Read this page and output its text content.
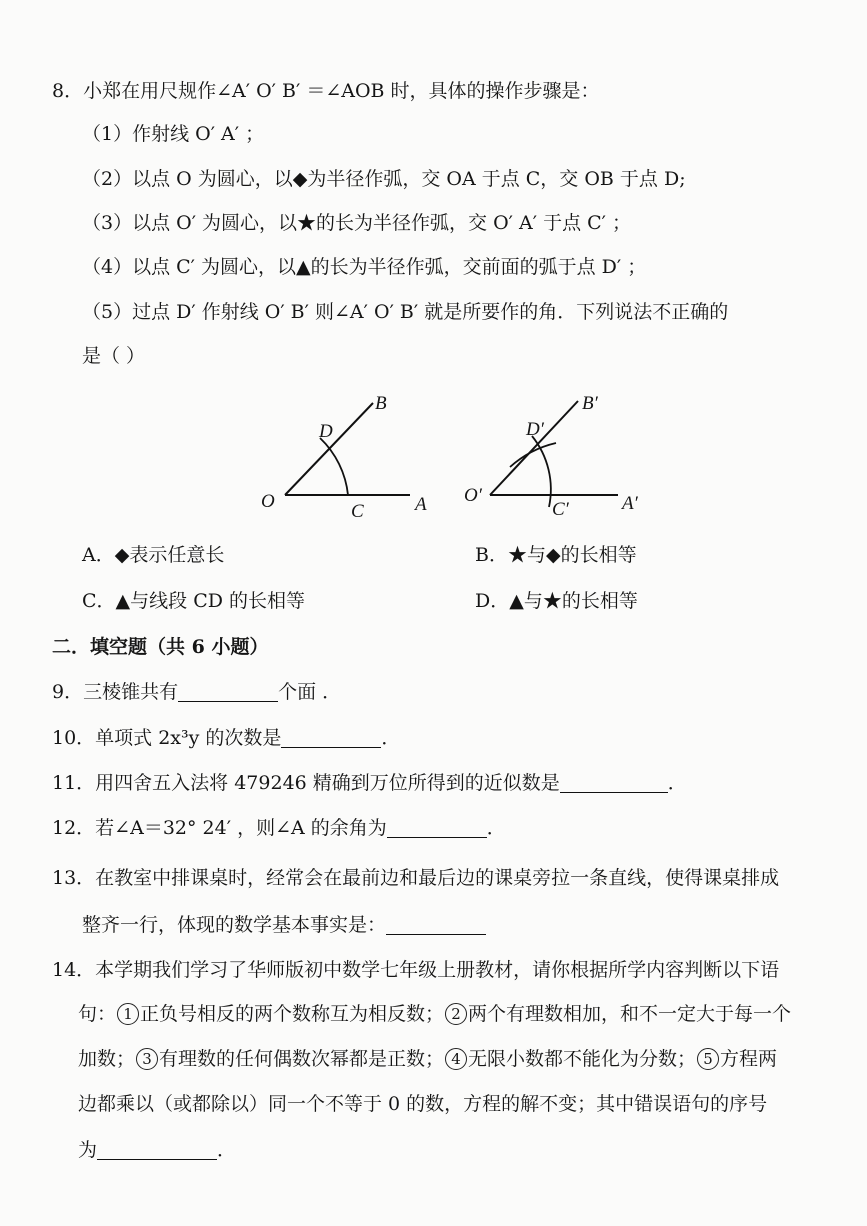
8．小郑在用尺规作∠A′ O′ B′ ＝∠AOB 时，具体的操作步骤是：
（1）作射线 O′ A′ ；
（2）以点 O 为圆心，以◆为半径作弧，交 OA 于点 C，交 OB 于点 D;
（3）以点 O′ 为圆心，以★的长为半径作弧，交 O′ A′ 于点 C′ ；
（4）以点 C′ 为圆心，以▲的长为半径作弧，交前面的弧于点 D′ ；
（5）过点 D′ 作射线 O′ B′ 则∠A′ O′ B′ 就是所要作的角．下列说法不正确的
是（ ）
O	C	A
D
B
O′
C′	A′
D′
B′
A．◆表示任意长	B．★与◆的长相等
C．▲与线段 CD 的长相等	D．▲与★的长相等
二．填空题（共 6 小题）
9．三棱锥共有	个面 ．
10．单项式 2x³y 的次数是	．
11．用四舍五入法将 479246 精确到万位所得到的近似数是	．
12．若∠A＝32° 24′ ，则∠A 的余角为	．
13．在教室中排课桌时，经常会在最前边和最后边的课桌旁拉一条直线，使得课桌排成
整齐一行，体现的数学基本事实是：
14．本学期我们学习了华师版初中数学七年级上册教材，请你根据所学内容判断以下语
句： 1 正负号相反的两个数称互为相反数； 2 两个有理数相加，和不一定大于每一个
加数； 3 有理数的任何偶数次幂都是正数； 4 无限小数都不能化为分数； 5 方程两
边都乘以（或都除以）同一个不等于 0 的数，方程的解不变；其中错误语句的序号
为	．
